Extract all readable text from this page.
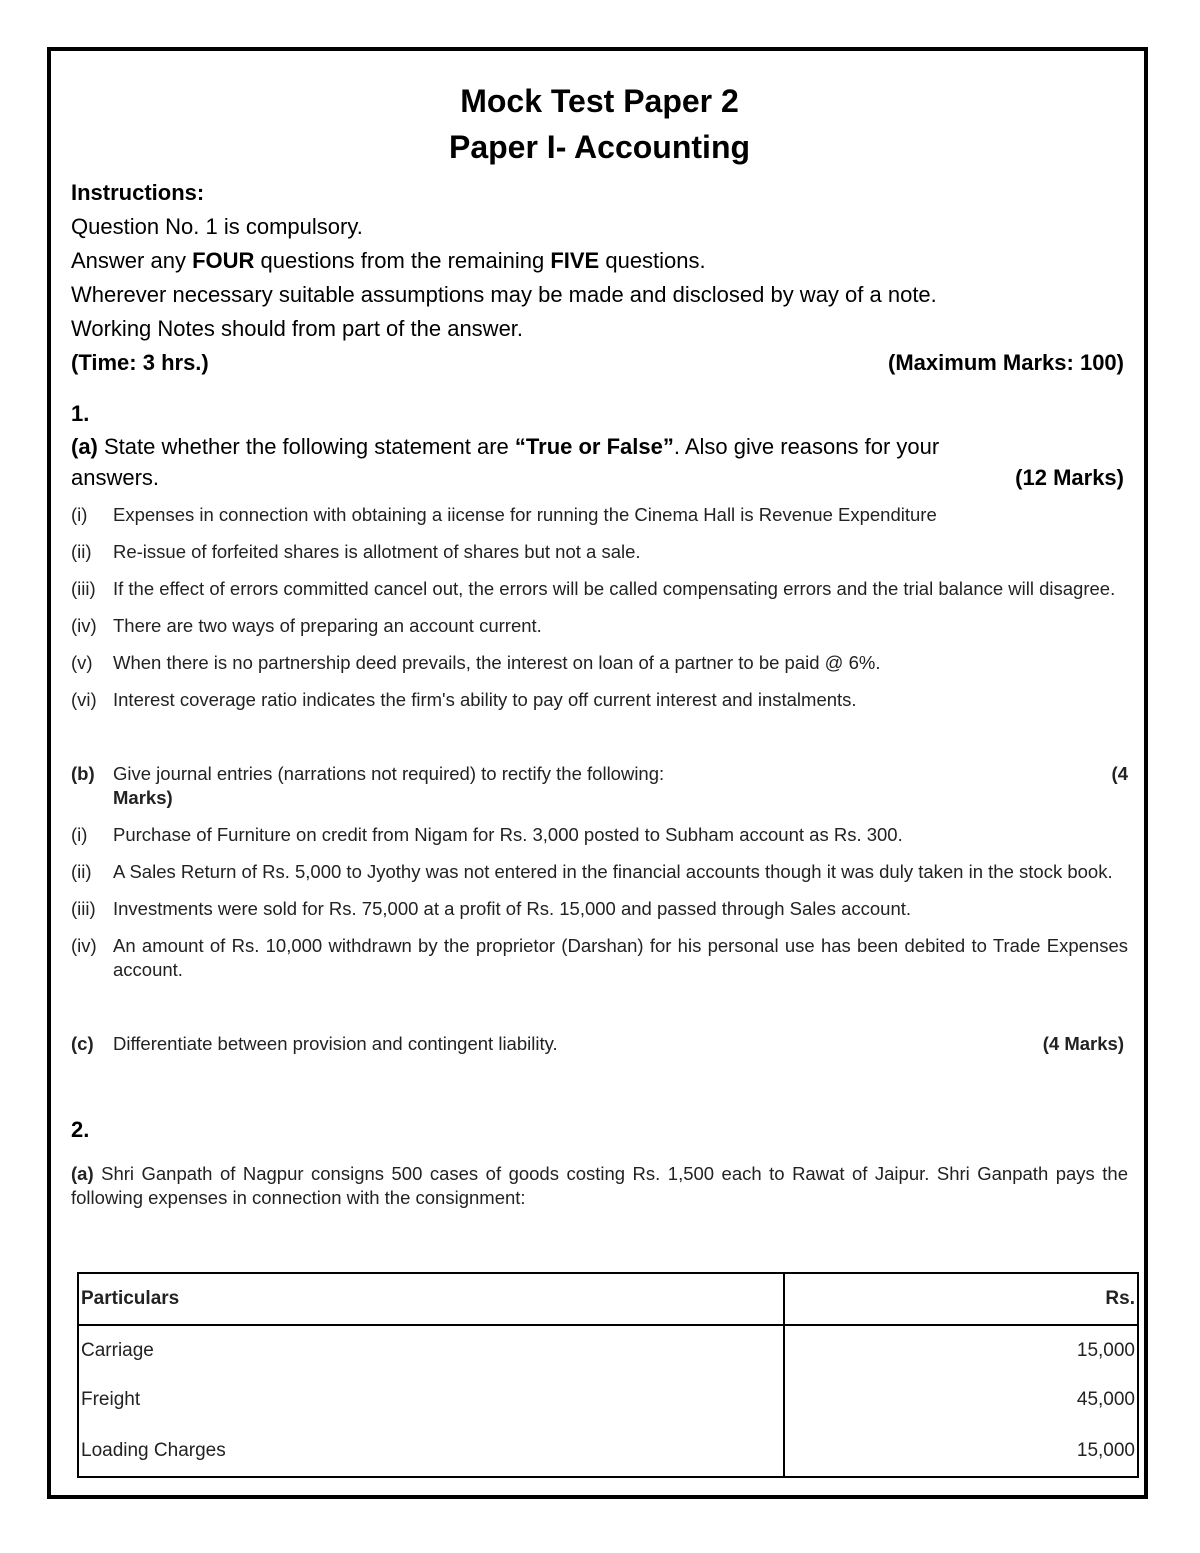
Mock Test Paper 2
Paper I- Accounting
Instructions:
Question No. 1 is compulsory.
Answer any FOUR questions from the remaining FIVE questions.
Wherever necessary suitable assumptions may be made and disclosed by way of a note.
Working Notes should from part of the answer.
(Time: 3 hrs.)	(Maximum Marks: 100)
1.
(a) State whether the following statement are “True or False”. Also give reasons for your
answers.	(12 Marks)
(i)	Expenses in connection with obtaining a iicense for running the Cinema Hall is Revenue Expenditure
(ii)	Re-issue of forfeited shares is allotment of shares but not a sale.
(iii) If the effect of errors committed cancel out, the errors will be called compensating errors and the trial balance will disagree.
(iv) There are two ways of preparing an account current.
(v)	When there is no partnership deed prevails, the interest on loan of a partner to be paid @ 6%.
(vi) Interest coverage ratio indicates the firm's ability to pay off current interest and instalments.
(b) Give journal entries (narrations not required) to rectify the following:	(4
Marks)
(i)	Purchase of Furniture on credit from Nigam for Rs. 3,000 posted to Subham account as Rs. 300.
(ii)	A Sales Return of Rs. 5,000 to Jyothy was not entered in the financial accounts though it was duly taken in the stock book.
(iii) Investments were sold for Rs. 75,000 at a profit of Rs. 15,000 and passed through Sales account.
(iv) An amount of Rs. 10,000 withdrawn by the proprietor (Darshan) for his personal use has been debited to Trade Expenses account.
(c)	Differentiate between provision and contingent liability.	(4 Marks)
2.
(a) Shri Ganpath of Nagpur consigns 500 cases of goods costing Rs. 1,500 each to Rawat of Jaipur. Shri Ganpath pays the following expenses in connection with the consignment:
Particulars	Rs.
Carriage	15,000
Freight	45,000
Loading Charges	15,000
